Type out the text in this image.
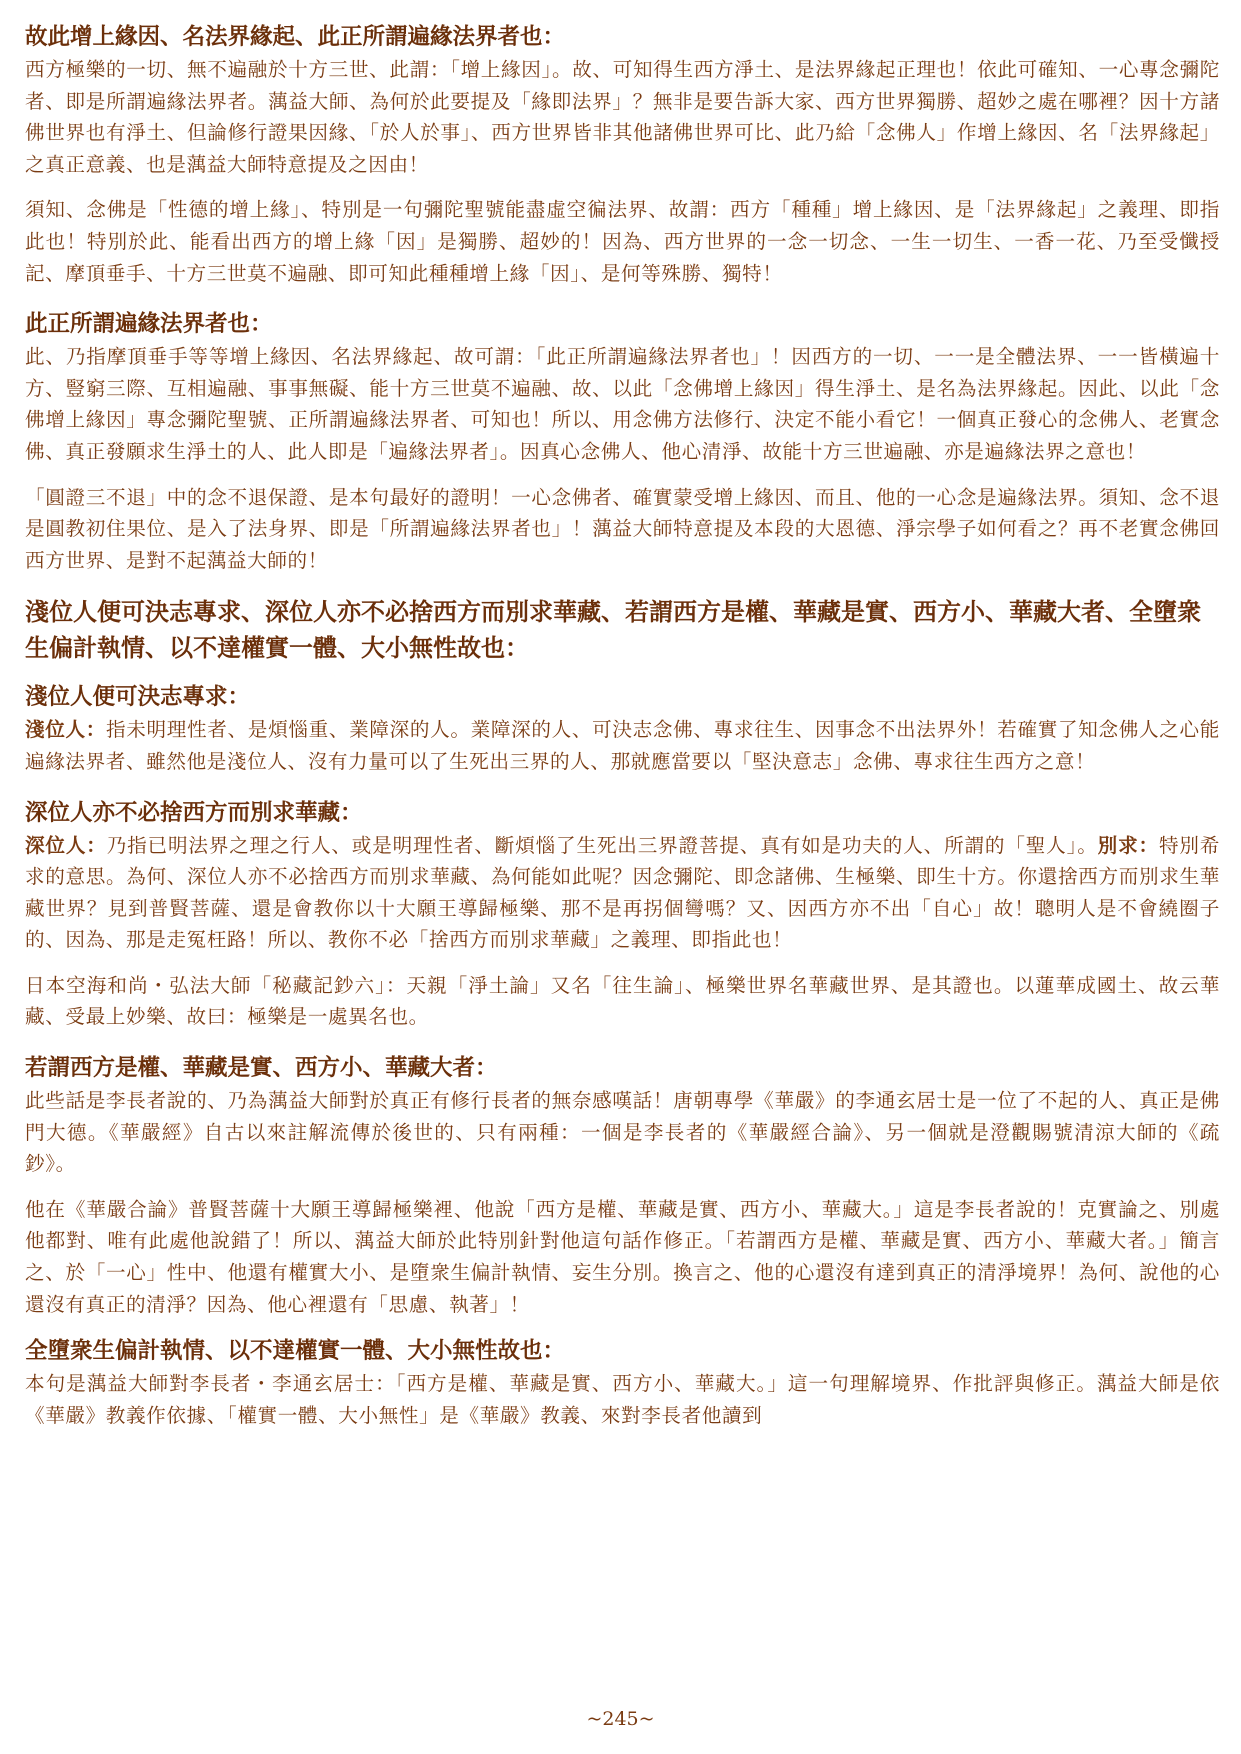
故此增上緣因、名法界緣起、此正所謂遍緣法界者也：

西方極樂的一切、無不遍融於十方三世、此謂：「增上緣因」。故、可知得生西方淨土、是法界緣起正理也！依此可確知、一心專念彌陀者、即是所謂遍緣法界者。蕅益大師、為何於此要提及「緣即法界」？無非是要告訴大家、西方世界獨勝、超妙之處在哪裡？因十方諸佛世界也有淨土、但論修行證果因緣、「於人於事」、西方世界皆非其他諸佛世界可比、此乃給「念佛人」作增上緣因、名「法界緣起」之真正意義、也是蕅益大師特意提及之因由！

須知、念佛是「性德的增上緣」、特別是一句彌陀聖號能盡虛空徧法界、故謂：西方「種種」增上緣因、是「法界緣起」之義理、即指此也！特別於此、能看出西方的增上緣「因」是獨勝、超妙的！因為、西方世界的一念一切念、一生一切生、一香一花、乃至受懺授記、摩頂垂手、十方三世莫不遍融、即可知此種種增上緣「因」、是何等殊勝、獨特！

此正所謂遍緣法界者也：

此、乃指摩頂垂手等等增上緣因、名法界緣起、故可謂：「此正所謂遍緣法界者也」！因西方的一切、一一是全體法界、一一皆橫遍十方、豎窮三際、互相遍融、事事無礙、能十方三世莫不遍融、故、以此「念佛增上緣因」得生淨土、是名為法界緣起。因此、以此「念佛增上緣因」專念彌陀聖號、正所謂遍緣法界者、可知也！所以、用念佛方法修行、決定不能小看它！一個真正發心的念佛人、老實念佛、真正發願求生淨土的人、此人即是「遍緣法界者」。因真心念佛人、他心清淨、故能十方三世遍融、亦是遍緣法界之意也！

「圓證三不退」中的念不退保證、是本句最好的證明！一心念佛者、確實蒙受增上緣因、而且、他的一心念是遍緣法界。須知、念不退是圓教初住果位、是入了法身界、即是「所謂遍緣法界者也」！蕅益大師特意提及本段的大恩德、淨宗學子如何看之？再不老實念佛回西方世界、是對不起蕅益大師的！

淺位人便可決志專求、深位人亦不必捨西方而別求華藏、若謂西方是權、華藏是實、西方小、華藏大者、全墮衆生偏計執情、以不達權實一體、大小無性故也：
淺位人便可決志專求：

淺位人：指未明理性者、是煩惱重、業障深的人。業障深的人、可決志念佛、專求往生、因事念不出法界外！若確實了知念佛人之心能遍緣法界者、雖然他是淺位人、沒有力量可以了生死出三界的人、那就應當要以「堅決意志」念佛、專求往生西方之意！

深位人亦不必捨西方而別求華藏：

深位人：乃指已明法界之理之行人、或是明理性者、斷煩惱了生死出三界證菩提、真有如是功夫的人、所謂的「聖人」。別求：特別希求的意思。為何、深位人亦不必捨西方而別求華藏、為何能如此呢？因念彌陀、即念諸佛、生極樂、即生十方。你還捨西方而別求生華藏世界？見到普賢菩薩、還是會教你以十大願王導歸極樂、那不是再拐個彎嗎？又、因西方亦不出「自心」故！聰明人是不會繞圈子的、因為、那是走冤枉路！所以、教你不必「捨西方而別求華藏」之義理、即指此也！

日本空海和尚・弘法大師「秘藏記鈔六」：天親「淨土論」又名「往生論」、極樂世界名華藏世界、是其證也。以蓮華成國土、故云華藏、受最上妙樂、故曰：極樂是一處異名也。

若謂西方是權、華藏是實、西方小、華藏大者：

此些話是李長者說的、乃為蕅益大師對於真正有修行長者的無奈感嘆話！唐朝專學《華嚴》的李通玄居士是一位了不起的人、真正是佛門大德。《華嚴經》自古以來註解流傳於後世的、只有兩種：一個是李長者的《華嚴經合論》、另一個就是澄觀賜號清涼大師的《疏鈔》。

他在《華嚴合論》普賢菩薩十大願王導歸極樂裡、他說「西方是權、華藏是實、西方小、華藏大。」這是李長者說的！克實論之、別處他都對、唯有此處他說錯了！所以、蕅益大師於此特別針對他這句話作修正。「若謂西方是權、華藏是實、西方小、華藏大者。」簡言之、於「一心」性中、他還有權實大小、是墮衆生偏計執情、妄生分別。換言之、他的心還沒有達到真正的清淨境界！為何、說他的心還沒有真正的清淨？因為、他心裡還有「思慮、執著」！

全墮衆生偏計執情、以不達權實一體、大小無性故也：

本句是蕅益大師對李長者・李通玄居士：「西方是權、華藏是實、西方小、華藏大。」這一句理解境界、作批評與修正。蕅益大師是依《華嚴》教義作依據、「權實一體、大小無性」是《華嚴》教義、來對李長者他讀到

~245~
